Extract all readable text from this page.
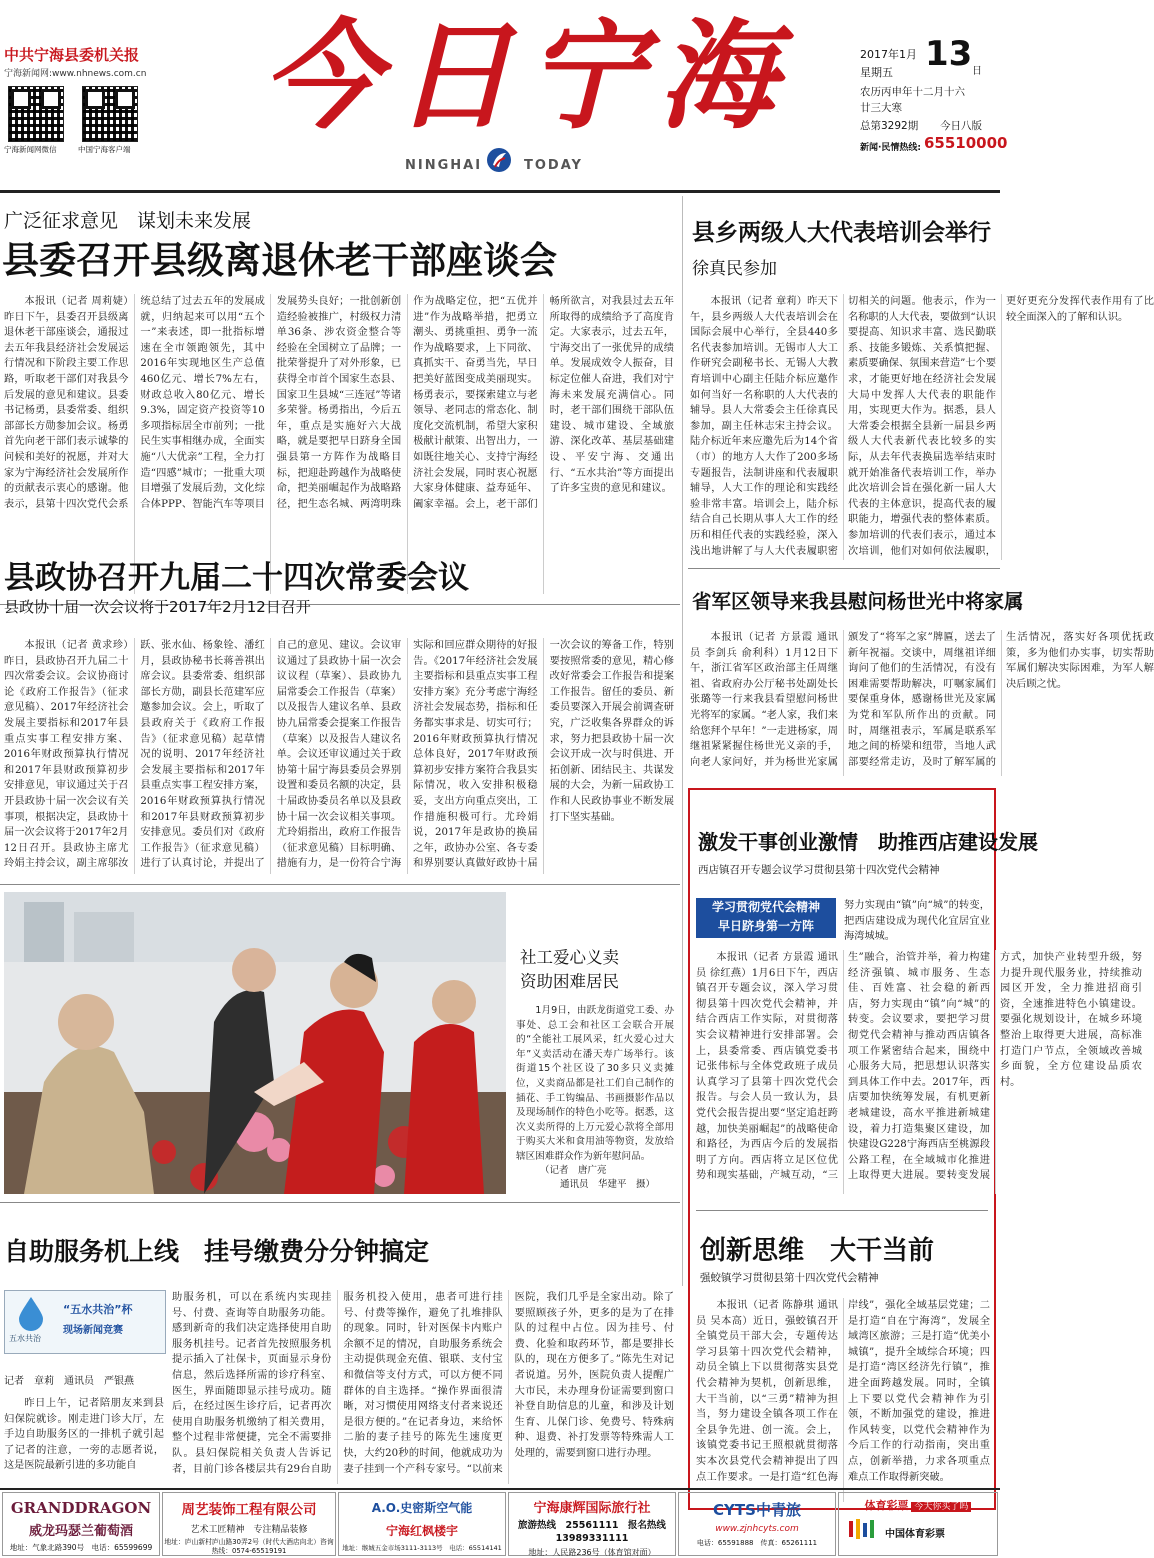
中共宁海县委机关报
宁海新闻网:www.nhnews.com.cn
宁海新闻网微信	中国宁海客户端
今日宁海
NINGHAI	TODAY
2017年1月 13 日
星期五
农历丙申年十二月十六
廿三大寒
总第3292期 今日八版
新闻·民情热线: 65510000
广泛征求意见　谋划未来发展
县委召开县级离退休老干部座谈会

本报讯（记者 周莉婕）昨日下午，县委召开县级离退休老干部座谈会，通报过去五年我县经济社会发展运行情况和下阶段主要工作思路，听取老干部们对我县今后发展的意见和建议。县委书记杨勇，县委常委、组织部部长方勋参加会议。杨勇首先向老干部们表示诚挚的问候和美好的祝愿，并对大家为宁海经济社会发展所作的贡献表示衷心的感谢。他表示，县第十四次党代会系统总结了过去五年的发展成就，归纳起来可以用“五个一”来表述，即一批指标增速在全市领跑领先，其中2016年实现地区生产总值460亿元、增长7%左右，财政总收入80亿元、增长9.3%，固定资产投资等10多项指标居全市前列；一批民生实事相继办成，全面实施“八大优亲”工程，全力打造“四感”城市；一批重大项目增强了发展后劲，文化综合体PPP、智能汽车等项目发展势头良好；一批创新创造经验被推广，村级权力清单36条、涉农资金整合等经验在全国树立了品牌；一批荣誉提升了对外形象，已获得全市首个国家生态县、国家卫生县城“三连冠”等诸多荣誉。杨勇指出，今后五年，重点是实施好六大战略，就是要把早日跻身全国强县第一方阵作为战略目标，把迎赴跨越作为战略使命，把美丽崛起作为战略路径，把生态名城、两湾明珠作为战略定位，把“五优并进”作为战略举措，把勇立潮头、勇挑重担、勇争一流作为战略要求，上下同欲、真抓实干、奋勇当先，早日把美好蓝图变成美丽现实。杨勇表示，要探索建立与老领导、老同志的常态化、制度化交流机制，希望大家积极献计献策、出智出力，一如既往地关心、支持宁海经济社会发展，同时衷心祝愿大家身体健康、益寿延年、阖家幸福。会上，老干部们畅所欲言，对我县过去五年所取得的成绩给予了高度肯定。大家表示，过去五年，宁海交出了一张优异的成绩单。发展成效令人振奋，目标定位催人奋进，我们对宁海未来发展充满信心。同时，老干部们围绕干部队伍建设、城市建设、全域旅游、深化改革、基层基础建设、平安宁海、交通出行、“五水共治”等方面提出了许多宝贵的意见和建议。

县乡两级人大代表培训会举行
徐真民参加

本报讯（记者 章莉）昨天下午，县乡两级人大代表培训会在国际会展中心举行，全县440多名代表参加培训。无锡市人大工作研究会副秘书长、无锡人大教育培训中心副主任陆介标应邀作如何当好一名称职的人大代表的辅导。县人大常委会主任徐真民参加，副主任林志宋主持会议。陆介标近年来应邀先后为14个省（市）的地方人大作了200多场专题报告，法制讲座和代表履职辅导，人大工作的理论和实践经验非常丰富。培训会上，陆介标结合自己长期从事人大工作的经历和相任代表的实践经验，深入浅出地讲解了与人大代表履职密切相关的问题。他表示，作为一名称职的人大代表，要做到“认识要提高、知识求丰富、选民勤联系、技能多锻炼、关系慎把握、素质要确保、氛围来营造”七个要求，才能更好地在经济社会发展大局中发挥人大代表的职能作用，实现更大作为。据悉，县人大常委会根据全县新一届县乡两级人大代表新代表比较多的实际，从去年代表换届选举结束时就开始准备代表培训工作，举办此次培训会旨在强化新一届人大代表的主体意识，提高代表的履职能力，增强代表的整体素质。参加培训的代表们表示，通过本次培训，他们对如何依法履职，更好更充分发挥代表作用有了比较全面深入的了解和认识。

县政协召开九届二十四次常委会议
县政协十届一次会议将于2017年2月12日召开

本报讯（记者 黄求珍）昨日，县政协召开九届二十四次常委会议。会议协商讨论《政府工作报告》（征求意见稿）、2017年经济社会发展主要指标和2017年县重点实事工程安排方案、2016年财政预算执行情况和2017年县财政预算初步安排意见，审议通过关于召开县政协十届一次会议有关事项，根据决定，县政协十届一次会议将于2017年2月12日召开。县政协主席尤玲娟主持会议，副主席邬汝跃、张水仙、杨象铨、潘红月，县政协秘书长蒋善祺出席会议。县委常委、组织部部长方勋，副县长范建军应邀参加会议。会上，听取了县政府关于《政府工作报告》（征求意见稿）起草情况的说明、2017年经济社会发展主要指标和2017年县重点实事工程安排方案，2016年财政预算执行情况和2017年县财政预算初步安排意见。委员们对《政府工作报告》（征求意见稿）进行了认真讨论，并提出了自己的意见、建议。会议审议通过了县政协十届一次会议议程（草案）、县政协九届常委会工作报告（草案）以及报告人建议名单、县政协九届常委会提案工作报告（草案）以及报告人建议名单。会议还审议通过关于政协第十届宁海县委员会界别设置和委员名额的决定，县十届政协委员名单以及县政协十届一次会议相关事项。尤玲娟指出，政府工作报告（征求意见稿）目标明确、措施有力，是一份符合宁海实际和回应群众期待的好报告。《2017年经济社会发展主要指标和县重点实事工程安排方案》充分考虑宁海经济社会发展态势，指标和任务都实事求是、切实可行；2016年财政预算执行情况总体良好，2017年财政预算初步安排方案符合我县实际情况，收入安排积极稳妥，支出方向重点突出，工作措施积极可行。尤玲娟说，2017年是政协的换届之年，政协办公室、各专委和界别要认真做好政协十届一次会议的筹备工作，特别要按照常委的意见，精心修改好常委会工作报告和提案工作报告。留任的委员、新委员要深入开展会前调查研究，广泛收集各界群众的诉求，努力把县政协十届一次会议开成一次与时俱进、开拓创新、团结民主、共谋发展的大会，为新一届政协工作和人民政协事业不断发展打下坚实基础。

省军区领导来我县慰问杨世光中将家属

本报讯（记者 方景霞 通讯员 李剑兵 俞利科）1月12日下午，浙江省军区政治部主任周继祖、省政府办公厅秘书处副处长张璐等一行来我县看望慰问杨世光将军的家属。“老人家，我们来给您拜个早年！”一走进杨家，周继祖紧紧握住杨世光义亲的手，向老人家问好，并为杨世光家属颁发了“将军之家”牌匾，送去了新年祝福。交谈中，周继祖详细询问了他们的生活情况，有没有困难需要帮助解决，叮嘱家属们要保重身体，感谢杨世光及家属为党和军队所作出的贡献。同时，周继祖表示，军属是联系军地之间的桥梁和纽带，当地人武部要经常走访，及时了解军属的生活情况，落实好各项优抚政策，多为他们办实事，切实帮助军属们解决实际困难，为军人解决后顾之忧。

激发干事创业激情　助推西店建设发展
西店镇召开专题会议学习贯彻县第十四次党代会精神
学习贯彻党代会精神
早日跻身第一方阵

努力实现由“镇”向“城”的转变，把西店建设成为现代化宜居宜业海湾城城。

本报讯（记者 方景霞 通讯员 徐红燕）1月6日下午，西店镇召开专题会议，深入学习贯彻县第十四次党代会精神，并结合西店工作实际，对贯彻落实会议精神进行安排部署。会上，县委常委、西店镇党委书记张伟标与全体党政班子成员认真学习了县第十四次党代会报告。与会人员一致认为，县党代会报告提出要“坚定追赶跨越，加快美丽崛起”的战略使命和路径，为西店今后的发展指明了方向。西店将立足区位优势和现实基础，产城互动，“三生”融合，治管并举，着力构建经济强镇、城市服务、生态佳、百姓富、社会稳的新西店，努力实现由“镇”向“城”的转变。会议要求，要把学习贯彻党代会精神与推动西店镇各项工作紧密结合起来，围绕中心服务大局，把思想认识落实到具体工作中去。2017年，西店要加快统筹发展，有机更新老城建设，高水平推进新城建设，着力打造集聚区建设，加快建设G228宁海西店至桃源段公路工程，在全域城市化推进上取得更大进展。要转变发展方式，加快产业转型升级，努力提升现代服务业，持续推动园区开发，全力推进招商引资，全速推进特色小镇建设。要强化规划设计，在城乡环境整治上取得更大进展，高标准打造门户节点，全领域改善城乡面貌，全方位建设品质农村。

创新思维　大干当前
强蛟镇学习贯彻县第十四次党代会精神

本报讯（记者 陈静琪 通讯员 吴本高）近日，强蛟镇召开全镇党员干部大会，专题传达学习县第十四次党代会精神，动员全镇上下以贯彻落实县党代会精神为契机，创新思维，大干当前，以“三勇”精神为担当，努力建设全镇各项工作在全县争先进、创一流。会上，该镇党委书记王照根就贯彻落实本次县党代会精神提出了四点工作要求。一是打造“红色海岸线”，强化全域基层党建；二是打造“自在宁海湾”，发展全域湾区旅游；三是打造“优美小城镇”，提升全域综合环境；四是打造“湾区经济先行镇”，推进全面跨越发展。同时，全镇上下要以党代会精神作为引领，不断加强党的建设，推进作风转变，以党代会精神作为今后工作的行动指南，突出重点，创新举措，力求各项重点难点工作取得新突破。

社工爱心义卖
资助困难居民

1月9日，由跃龙街道党工委、办事处、总工会和社区工会联合开展的“全能社工展风采，红火爱心过大年”义卖活动在潘天寿广场举行。该街道15个社区设了30多只义卖摊位，义卖商品都是社工们自己制作的插花、手工钩编品、书画摄影作品以及现场制作的特色小吃等。据悉，这次义卖所得的上万元爱心款将全部用于购买大米和食用油等物资，发放给辖区困难群众作为新年慰问品。

（记者　唐广亮
通讯员　华建平　摄）
自助服务机上线　挂号缴费分分钟搞定
五水共治
“五水共治”杯
现场新闻竞赛
记者　章莉　通讯员　严银燕

昨日上午，记者陪朋友来到县妇保院就诊。刚走进门诊大厅，左手边自助服务区的一排机子就引起了记者的注意，一旁的志愿者说，这是医院最新引进的多功能自

助服务机，可以在系统内实现挂号、付费、查询等自助服务功能。感到新奇的我们决定选择使用自助服务机挂号。记者首先按照服务机提示插入了社保卡，页面显示身份信息，然后选择所需的诊疗科室、医生，界面随即显示挂号成功。随后，在经过医生诊疗后，记者再次使用自助服务机缴纳了相关费用，整个过程非常便捷，完全不需要排队。县妇保院相关负责人告诉记者，目前门诊各楼层共有29台自助服务机投入使用，患者可进行挂号、付费等操作，避免了扎堆排队的现象。同时，针对医保卡内账户余额不足的情况，自助服务系统会主动提供现金充值、银联、支付宝和微信等支付方式，可以方便不同群体的自主选择。“操作界面很清晰，对习惯使用网络支付者来说还是很方便的。”在记者身边，来给怀二胎的妻子挂号的陈先生速度更快，大约20秒的时间，他就成功为妻子挂到一个产科专家号。“以前来医院，我们几乎是全家出动。除了要照顾孩子外，更多的是为了在排队的过程中占位。因为挂号、付费、化验和取药环节，都是要排长队的，现在方便多了。”陈先生对记者说道。另外，医院负责人提醒广大市民，未办理身份证需要到窗口补登自助信息的儿童，和涉及计划生育、儿保门诊、免费号、特殊病种、退费、补打发票等特殊需人工处理的，需要到窗口进行办理。

GRANDDRAGON
威龙玛瑟兰葡萄酒
地址：气象北路390号　电话：65599699
周艺装饰工程有限公司
艺术工匠精神　专注精品装修
地址：庐山新村庐山路30弄2号（时代大酒店向北）咨询热线：0574-65519191
A.O.史密斯空气能
宁海红枫楼宇
地址：缑城五金市场3111-3113号　电话：65514141
宁海康辉国际旅行社
旅游热线　25561111　报名热线　13989331111
地址：人民路236号（体育馆对面）
CYTS中青旅
www.zjnhcyts.com
电话：65591888　传真：65261111
体育彩票 今天你买了吗
中国体育彩票
